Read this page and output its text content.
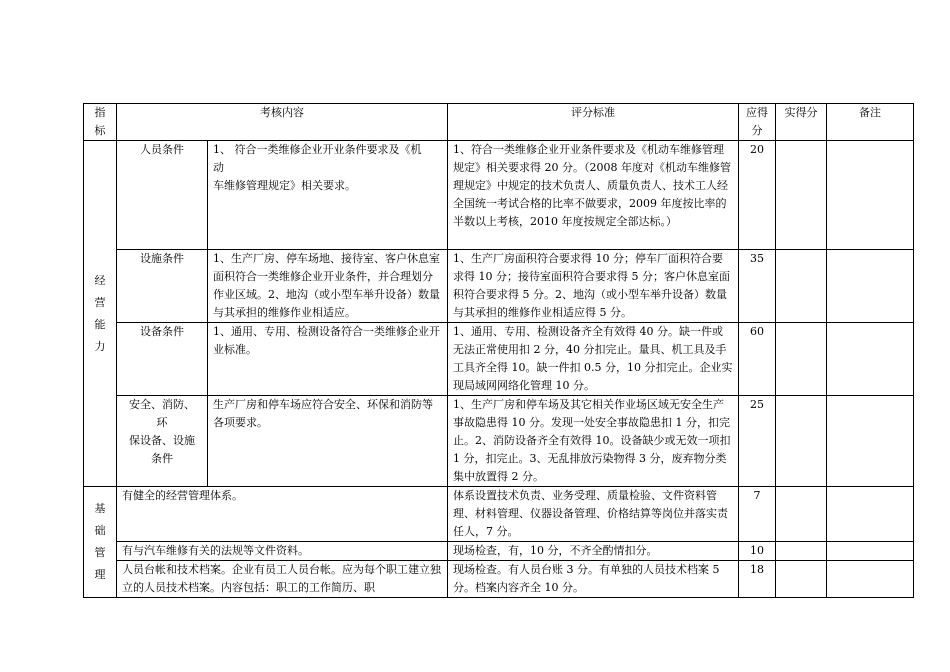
指标	考核内容		评分标准	应得分	实得分	备注

经营能力	人员条件	1、 符合一类维修企业开业条件要求及《机
动
车维修管理规定》相关要求。	1、符合一类维修企业开业条件要求及《机动车维修管理规定》相关要求得 20 分。（2008 年度对《机动车维修管理规定》中规定的技术负责人、质量负责人、技术工人经全国统一考试合格的比率不做要求，2009 年度按比率的半数以上考核，2010 年度按规定全部达标。）	20		
	设施条件	1、生产厂房、停车场地、接待室、客户休息室面积符合一类维修企业开业条件，并合理划分作业区域。2、地沟（或小型车举升设备）数量与其承担的维修作业相适应。	1、生产厂房面积符合要求得 10 分；停车厂面积符合要求得 10 分；接待室面积符合要求得 5 分；客户休息室面积符合要求得 5 分。2、地沟（或小型车举升设备）数量与其承担的维修作业相适应得 5 分。	35		
	设备条件	1、通用、专用、检测设备符合一类维修企业开业标准。	1、通用、专用、检测设备齐全有效得 40 分。缺一件或无法正常使用扣 2 分，40 分扣完止。量具、机工具及手工具齐全得 10。缺一件扣 0.5 分，10 分扣完止。企业实现局域网网络化管理 10 分。	60		
	安全、消防、
环
保设备、设施
条件	生产厂房和停车场应符合安全、环保和消防等各项要求。	1、生产厂房和停车场及其它相关作业场区域无安全生产事故隐患得 10 分。发现一处安全事故隐患扣 1 分，扣完止。2、消防设备齐全有效得 10。设备缺少或无效一项扣 1 分，扣完止。3、无乱排放污染物得 3 分，废弃物分类集中放置得 2 分。	25		

基础管理	有健全的经营管理体系。		体系设置技术负责、业务受理、质量检验、文件资料管理、材料管理、仪器设备管理、价格结算等岗位并落实责任人，7 分。	7		
	有与汽车维修有关的法规等文件资料。		现场检查，有，10 分，不齐全酌情扣分。	10		
	人员台帐和技术档案。企业有员工人员台帐。应为每个职工建立独立的人员技术档案。内容包括：职工的工作简历、职		现场检查。有人员台账 3 分。有单独的人员技术档案 5 分。档案内容齐全 10 分。	18		
